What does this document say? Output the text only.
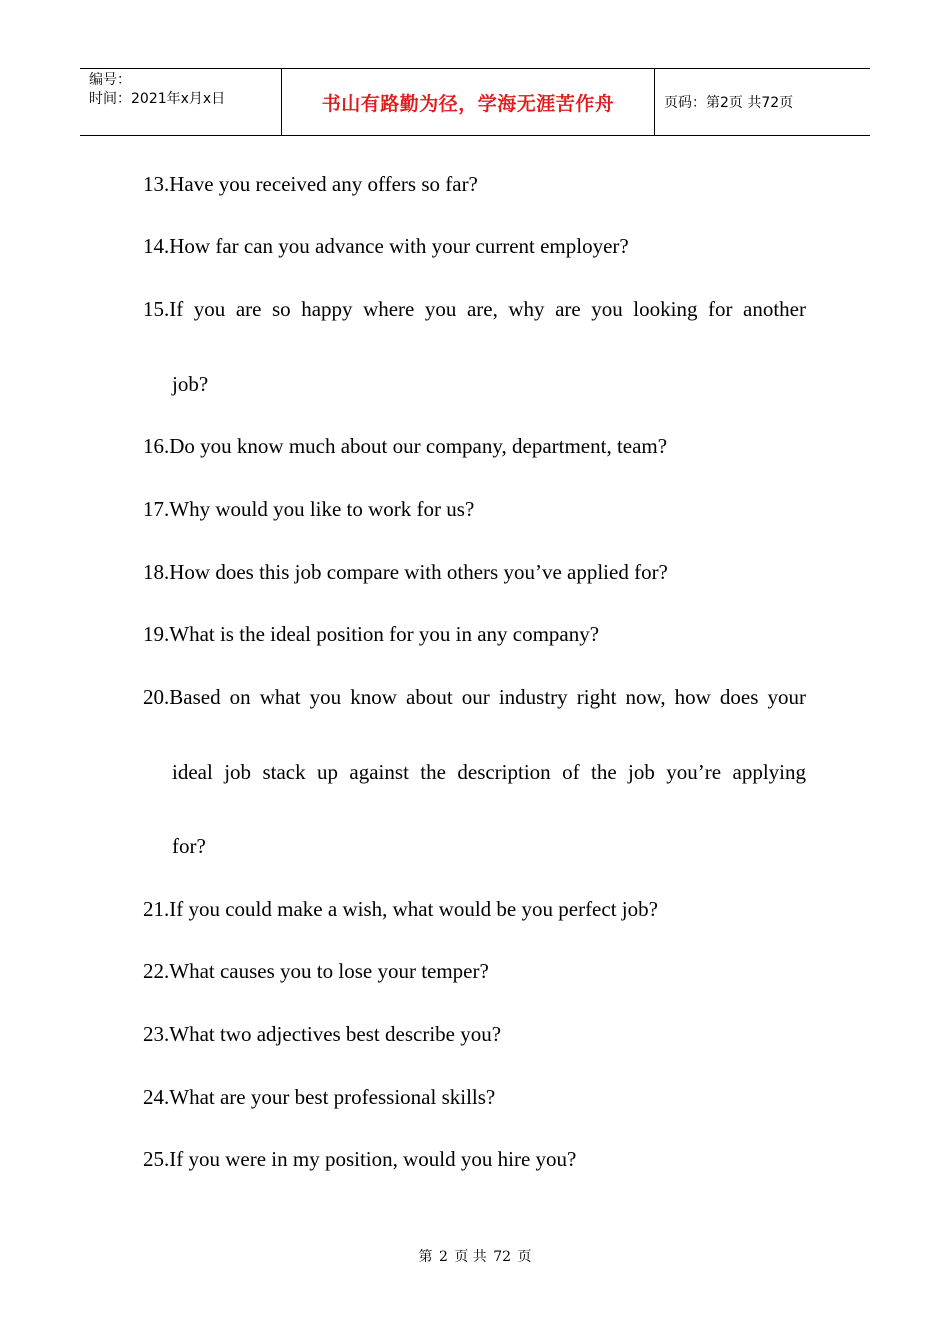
编号：
时间：2021年x月x日	书山有路勤为径，学海无涯苦作舟	页码：第2页 共72页
13.Have you received any offers so far?
14.How far can you advance with your current employer?
15.If you are so happy where you are, why are you looking for another
job?
16.Do you know much about our company, department, team?
17.Why would you like to work for us?
18.How does this job compare with others you’ve applied for?
19.What is the ideal position for you in any company?
20.Based on what you know about our industry right now, how does your
ideal job stack up against the description of the job you’re applying
for?
21.If you could make a wish, what would be you perfect job?
22.What causes you to lose your temper?
23.What two adjectives best describe you?
24.What are your best professional skills?
25.If you were in my position, would you hire you?
第 2 页 共 72 页
